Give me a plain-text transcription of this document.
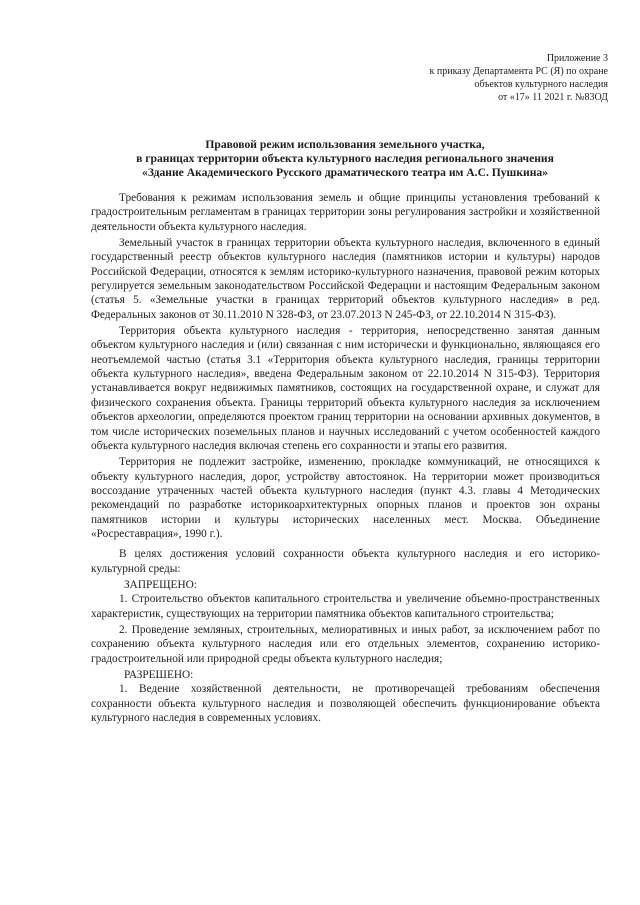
Приложение 3
к приказу Департамента РС (Я) по охране
объектов культурного наследия
от «17» 11 2021 г. №83ОД
Правовой режим использования земельного участка,
в границах территории объекта культурного наследия регионального значения
«Здание Академического Русского драматического театра им А.С. Пушкина»

Требования к режимам использования земель и общие принципы установления требований к градостроительным регламентам в границах территории зоны регулирования застройки и хозяйственной деятельности объекта культурного наследия.

Земельный участок в границах территории объекта культурного наследия, включенного в единый государственный реестр объектов культурного наследия (памятников истории и культуры) народов Российской Федерации, относятся к землям историко-культурного назначения, правовой режим которых регулируется земельным законодательством Российской Федерации и настоящим Федеральным законом (статья 5. «Земельные участки в границах территорий объектов культурного наследия» в ред. Федеральных законов от 30.11.2010 N 328-ФЗ, от 23.07.2013 N 245-ФЗ, от 22.10.2014 N 315-ФЗ).

Территория объекта культурного наследия - территория, непосредственно занятая данным объектом культурного наследия и (или) связанная с ним исторически и функционально, являющаяся его неотъемлемой частью (статья 3.1 «Территория объекта культурного наследия, границы территории объекта культурного наследия», введена Федеральным законом от 22.10.2014 N 315-ФЗ). Территория устанавливается вокруг недвижимых памятников, состоящих на государственной охране, и служат для физического сохранения объекта. Границы территорий объекта культурного наследия за исключением объектов археологии, определяются проектом границ территории на основании архивных документов, в том числе исторических поземельных планов и научных исследований с учетом особенностей каждого объекта культурного наследия включая степень его сохранности и этапы его развития.

Территория не подлежит застройке, изменению, прокладке коммуникаций, не относящихся к объекту культурного наследия, дорог, устройству автостоянок. На территории может производиться воссоздание утраченных частей объекта культурного наследия (пункт 4.3. главы 4 Методических рекомендаций по разработке историкоархитектурных опорных планов и проектов зон охраны памятников истории и культуры исторических населенных мест. Москва. Объединение «Росреставрация», 1990 г.).

В целях достижения условий сохранности объекта культурного наследия и его историко-культурной среды:

ЗАПРЕЩЕНО:

1. Строительство объектов капитального строительства и увеличение объемно-пространственных характеристик, существующих на территории памятника объектов капитального строительства;

2. Проведение земляных, строительных, мелиоративных и иных работ, за исключением работ по сохранению объекта культурного наследия или его отдельных элементов, сохранению историко-градостроительной или природной среды объекта культурного наследия;

РАЗРЕШЕНО:

1. Ведение хозяйственной деятельности, не противоречащей требованиям обеспечения сохранности объекта культурного наследия и позволяющей обеспечить функционирование объекта культурного наследия в современных условиях.
